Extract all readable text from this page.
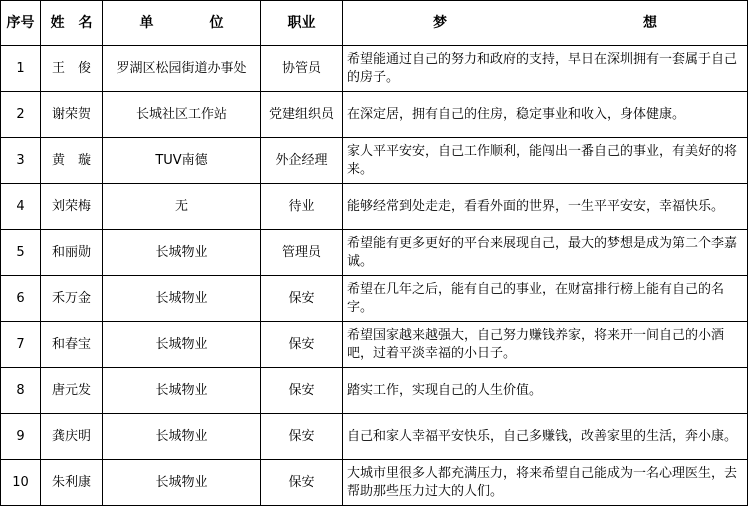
序号	姓　名	单　　　　位	职业	梦　　　　　　　　　　　　　　想
1	王　俊	罗湖区松园街道办事处	协管员	希望能通过自己的努力和政府的支持，早日在深圳拥有一套属于自己的房子。
2	谢荣贺	长城社区工作站	党建组织员	在深定居，拥有自己的住房，稳定事业和收入，身体健康。
3	黄　璇	TUV南德	外企经理	家人平平安安，自己工作顺利，能闯出一番自己的事业，有美好的将来。
4	刘荣梅	无	待业	能够经常到处走走，看看外面的世界，一生平平安安，幸福快乐。
5	和丽勋	长城物业	管理员	希望能有更多更好的平台来展现自己，最大的梦想是成为第二个李嘉诚。
6	禾万金	长城物业	保安	希望在几年之后，能有自己的事业，在财富排行榜上能有自己的名字。
7	和春宝	长城物业	保安	希望国家越来越强大，自己努力赚钱养家，将来开一间自己的小酒吧，过着平淡幸福的小日子。
8	唐元发	长城物业	保安	踏实工作，实现自己的人生价值。
9	龚庆明	长城物业	保安	自己和家人幸福平安快乐，自己多赚钱，改善家里的生活，奔小康。
10	朱利康	长城物业	保安	大城市里很多人都充满压力，将来希望自己能成为一名心理医生，去帮助那些压力过大的人们。
